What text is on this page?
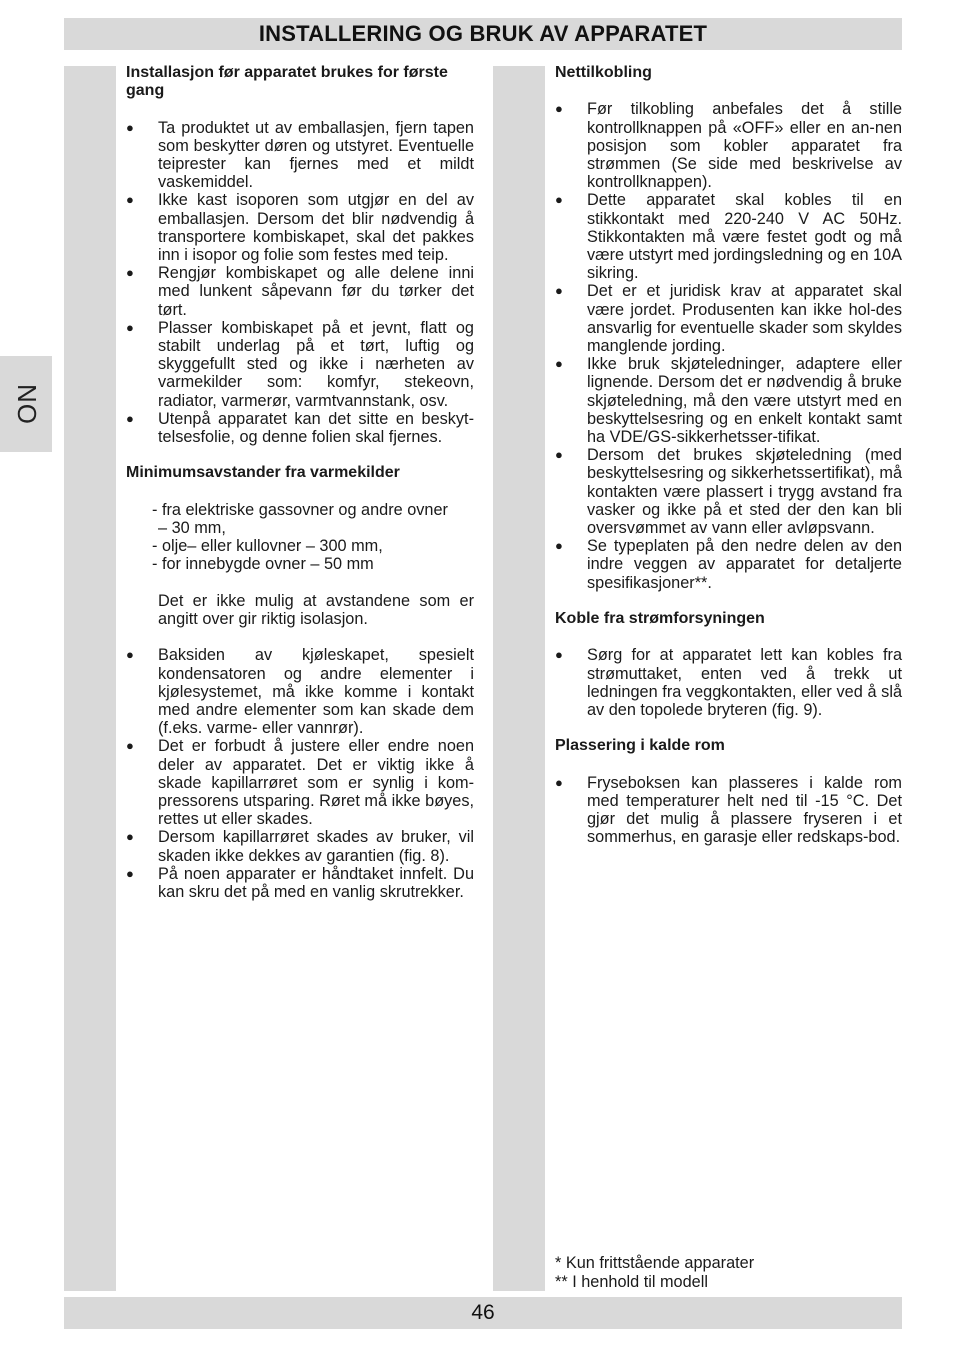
INSTALLERING OG BRUK AV APPARATET
NO

Installasjon før apparatet brukes for første gang

● Ta produktet ut av emballasjen, fjern tapen som beskytter døren og utstyret. Eventuelle teiprester kan fjernes med et mildt vaskemiddel.
● Ikke kast isoporen som utgjør en del av emballasjen. Dersom det blir nødvendig å transportere kombiskapet, skal det pakkes inn i isopor og folie som festes med teip.
● Rengjør kombiskapet og alle delene inni med lunkent såpevann før du tørker det tørt.
● Plasser kombiskapet på et jevnt, flatt og stabilt underlag på et tørt, luftig og skyggefullt sted og ikke i nærheten av varmekilder som: komfyr, stekeovn, radiator, varmerør, varmtvannstank, osv.
● Utenpå apparatet kan det sitte en beskyt-telsesfolie, og denne folien skal fjernes.

Minimumsavstander fra varmekilder

- fra elektriske gassovner og andre ovner

– 30 mm,

- olje– eller kullovner – 300 mm,

- for innebygde ovner – 50 mm

Det er ikke mulig at avstandene som er angitt over gir riktig isolasjon.

● Baksiden av kjøleskapet, spesielt kondensatoren og andre elementer i kjølesystemet, må ikke komme i kontakt med andre elementer som kan skade dem (f.eks. varme- eller vannrør).
● Det er forbudt å justere eller endre noen deler av apparatet. Det er viktig ikke å skade kapillarrøret som er synlig i kom-pressorens utsparing. Røret må ikke bøyes, rettes ut eller skades.
● Dersom kapillarrøret skades av bruker, vil skaden ikke dekkes av garantien (fig. 8).
● På noen apparater er håndtaket innfelt. Du kan skru det på med en vanlig skrutrekker.

Nettilkobling

● Før tilkobling anbefales det å stille kontrollknappen på «OFF» eller en an-nen posisjon som kobler apparatet fra strømmen (Se side med beskrivelse av kontrollknappen).
● Dette apparatet skal kobles til en stikkontakt med 220-240 V AC 50Hz. Stikkontakten må være festet godt og må være utstyrt med jordingsledning og en 10A sikring.
● Det er et juridisk krav at apparatet skal være jordet. Produsenten kan ikke hol-des ansvarlig for eventuelle skader som skyldes manglende jording.
● Ikke bruk skjøteledninger, adaptere eller lignende. Dersom det er nødvendig å bruke skjøteledning, må den være utstyrt med en beskyttelsesring og en enkelt kontakt samt ha VDE/GS-sikkerhetsser-tifikat.
● Dersom det brukes skjøteledning (med beskyttelsesring og sikkerhetssertifikat), må kontakten være plassert i trygg avstand fra vasker og ikke på et sted der den kan bli oversvømmet av vann eller avløpsvann.
● Se typeplaten på den nedre delen av den indre veggen av apparatet for detaljerte spesifikasjoner**.

Koble fra strømforsyningen

● Sørg for at apparatet lett kan kobles fra strømuttaket, enten ved å trekk ut ledningen fra veggkontakten, eller ved å slå av den topolede bryteren (fig. 9).

Plassering i kalde rom

● Fryseboksen kan plasseres i kalde rom med temperaturer helt ned til -15 °C. Det gjør det mulig å plassere fryseren i et sommerhus, en garasje eller redskaps-bod.

* Kun frittstående apparater

** I henhold til modell

46
